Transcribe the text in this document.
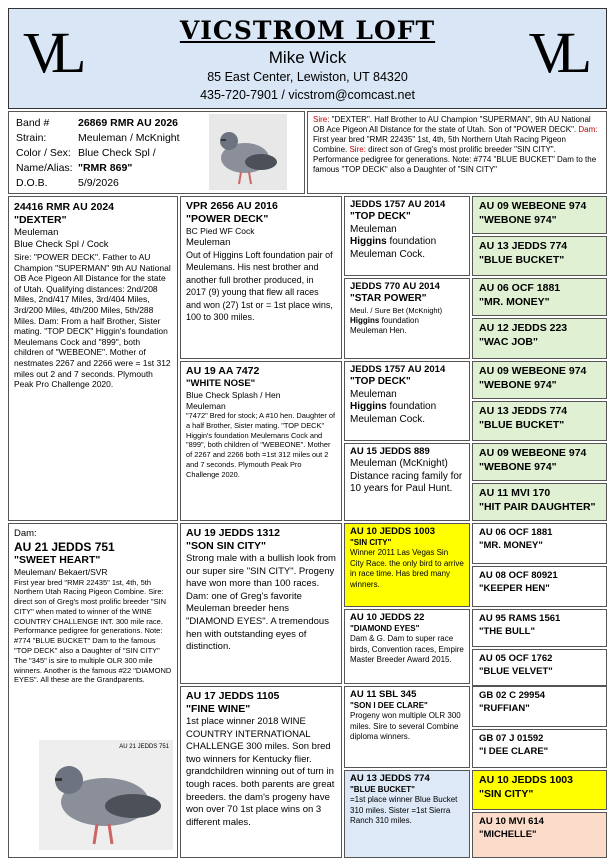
VL	VL
VICSTROM LOFT
Mike Wick
85 East Center, Lewiston, UT 84320
435-720-7901 / vicstrom@comcast.net
Band #	26869 RMR AU 2026
Strain:	Meuleman / McKnight
Color / Sex:	Blue Check Spl /
Name/Alias:	"RMR 869"
D.O.B.	5/9/2026
Sire: "DEXTER". Half Brother to AU Champion "SUPERMAN", 9th AU National OB Ace Pigeon All Distance for the state of Utah. Son of "POWER DECK". Dam: First year bred "RMR 22435" 1st, 4th, 5th Northern Utah Racing Pigeon Combine. Sire: direct son of Greg's most prolific breeder "SIN CITY". Performance pedigree for generations. Note: #774 "BLUE BUCKET" Dam to the famous "TOP DECK" also a Daughter of "SIN CITY"
24416 RMR AU 2024
"DEXTER"
Meuleman
Blue Check Spl / Cock
Sire: "POWER DECK". Father to AU Champion "SUPERMAN" 9th AU National OB Ace Pigeon All Distance for the state of Utah. Qualifying distances: 2nd/208 Miles, 2nd/417 Miles, 3rd/404 Miles, 3rd/200 Miles, 4th/200 Miles, 5th/288 Miles. Dam: From a half Brother, Sister mating. "TOP DECK" Higgin's foundation Meulemans Cock and "899", both children of "WEBEONE". Mother of nestmates 2267 and 2266 were = 1st 312 miles out 2 and 7 seconds. Plymouth Peak Pro Challenge 2020.
Dam:
AU 21 JEDDS 751
"SWEET HEART"
Meuleman/ Bekaert/SVR
First year bred "RMR 22435" 1st, 4th, 5th Northern Utah Racing Pigeon Combine. Sire: direct son of Greg's most prolific breeder "SIN CITY" when mated to winner of the WINE COUNTRY CHALLENGE INT. 300 mile race. Performance pedigree for generations. Note: #774 "BLUE BUCKET" Dam to the famous "TOP DECK" also a Daughter of "SIN CITY" The "345" is sire to multiple OLR 300 mile winners. Another is the famous #22 "DIAMOND EYES". All these are the Grandparents.
AU 21 JEDDS 751
VPR 2656 AU 2016
"POWER DECK"
BC Pied WF Cock
Meuleman
Out of Higgins Loft foundation pair of Meulemans. His nest brother and another full brother produced, in 2017 (9) young that flew all races and won (27) 1st or = 1st place wins, 100 to 300 miles.
AU 19 AA 7472
"WHITE NOSE"
Blue Check Splash / Hen
Meuleman
"7472" Bred for stock; A #10 hen. Daughter of a half Brother, Sister mating. "TOP DECK" Higgin's foundation Meulemans Cock and "899", both children of "WEBEONE". Mother of 2267 and 2266 both =1st 312 miles out 2 and 7 seconds. Plymouth Peak Pro Challenge 2020.
AU 19 JEDDS 1312
"SON SIN CITY"
Strong male with a bullish look from our super sire "SIN CITY". Progeny have won more than 100 races. Dam: one of Greg's favorite Meuleman breeder hens "DIAMOND EYES". A tremendous hen with outstanding eyes of distinction.
AU 17 JEDDS 1105
"FINE WINE"
1st place winner 2018 WINE COUNTRY INTERNATIONAL CHALLENGE 300 miles. Son bred two winners for Kentucky flier. grandchildren winning out of turn in tough races. both parents are great breeders. the dam's progeny have won over 70 1st place wins on 3 different males.
JEDDS 1757 AU 2014
"TOP DECK"
Meuleman
Higgins foundation
Meuleman Cock.
JEDDS 770 AU 2014
"STAR POWER"
Meul. / Sure Bet (McKnight)
Higgins foundation
Meuleman Hen.
JEDDS 1757 AU 2014
"TOP DECK"
Meuleman
Higgins foundation
Meuleman Cock.
AU 15 JEDDS 889
Meuleman (McKnight)
Distance racing family for 10 years for Paul Hunt.
AU 10 JEDDS 1003
"SIN CITY"
Winner 2011 Las Vegas Sin City Race. the only bird to arrive in race time. Has bred many winners.
AU 10 JEDDS 22
"DIAMOND EYES"
Dam & G. Dam to super race birds, Convention races, Empire Master Breeder Award 2015.
AU 11 SBL 345
"SON I DEE CLARE"
Progeny won multiple OLR 300 miles. Sire to several Combine diploma winners.
AU 13 JEDDS 774
"BLUE BUCKET"
=1st place winner Blue Bucket 310 miles. Sister =1st Sierra Ranch 310 miles.
AU 09 WEBEONE 974
"WEBONE 974"
AU 13 JEDDS 774
"BLUE BUCKET"
AU 06 OCF 1881
"MR. MONEY"
AU 12 JEDDS 223
"WAC JOB"
AU 09 WEBEONE 974
"WEBONE 974"
AU 13 JEDDS 774
"BLUE BUCKET"
AU 09 WEBEONE 974
"WEBONE 974"
AU 11 MVI 170
"HIT PAIR DAUGHTER"
AU 06 OCF 1881
"MR. MONEY"
AU 08 OCF 80921
"KEEPER HEN"
AU 95 RAMS 1561
"THE BULL"
AU 05 OCF 1762
"BLUE VELVET"
GB 02 C 29954
"RUFFIAN"
GB 07 J 01592
"I DEE CLARE"
AU 10 JEDDS 1003
"SIN CITY"
AU 10 MVI 614
"MICHELLE"
